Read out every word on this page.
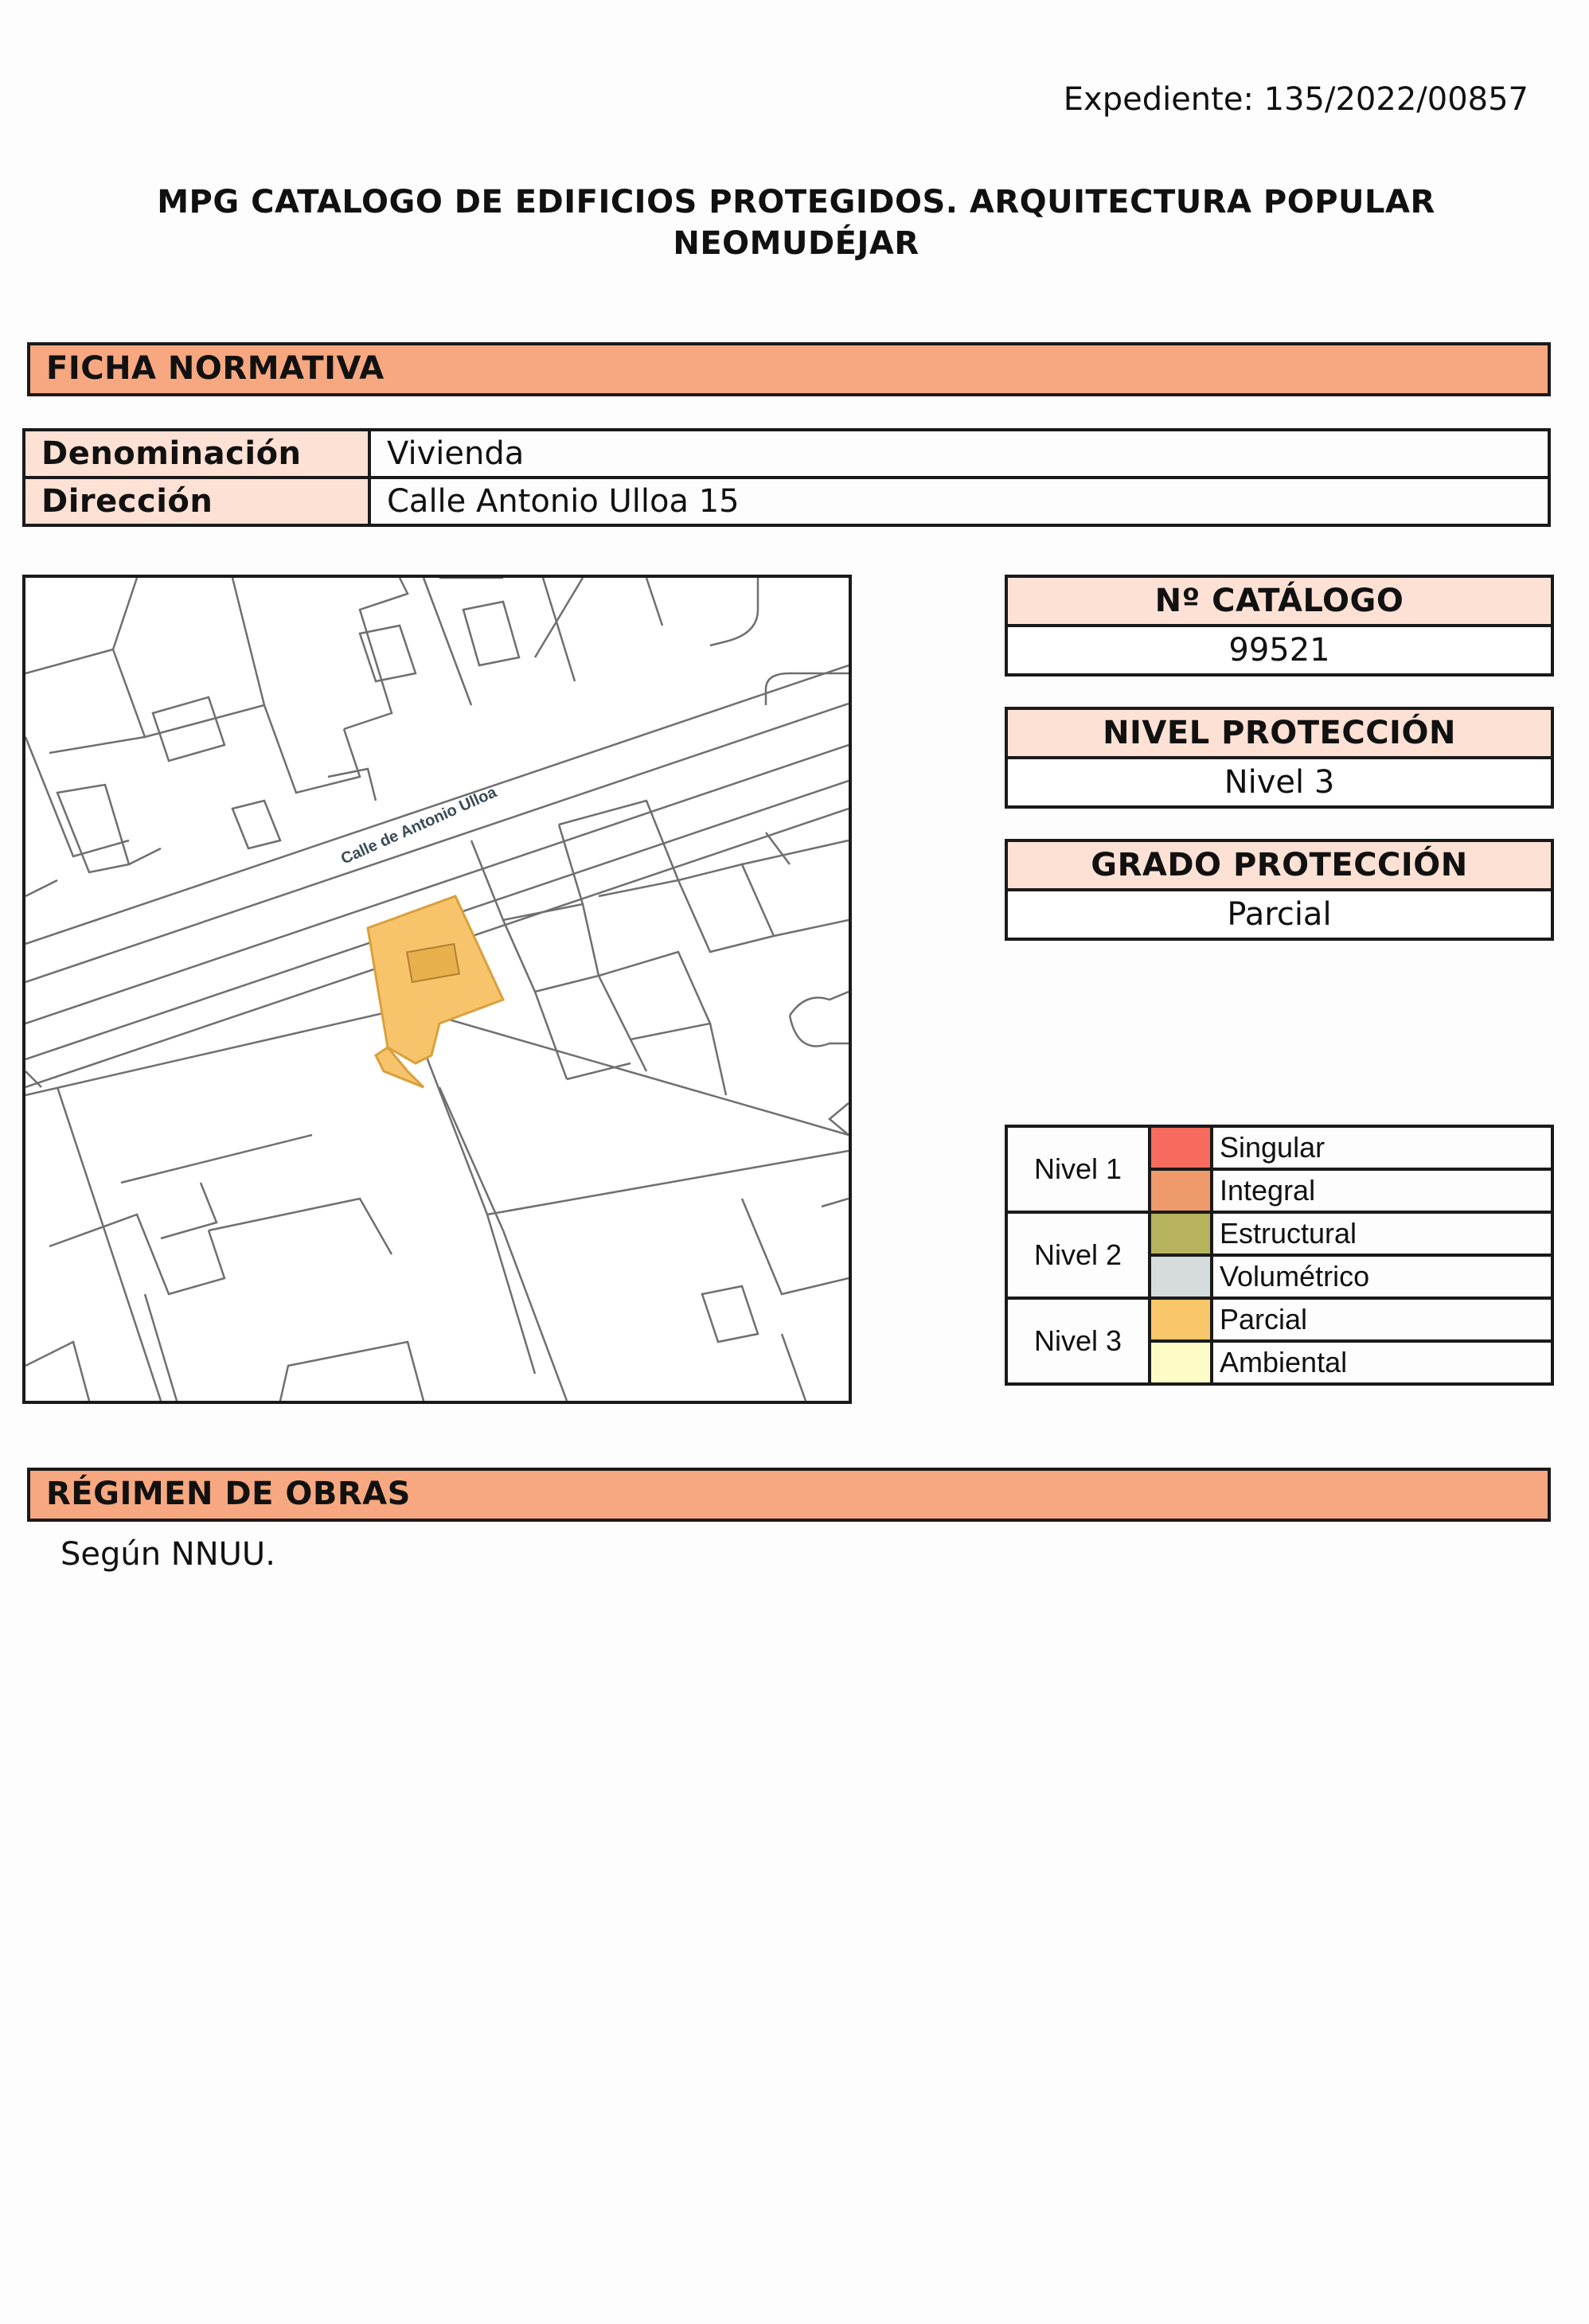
Expediente: 135/2022/00857
MPG CATALOGO DE EDIFICIOS PROTEGIDOS. ARQUITECTURA POPULAR
NEOMUDÉJAR
FICHA NORMATIVA
Denominación	Vivienda
Dirección	Calle Antonio Ulloa 15
Calle de Antonio Ulloa
Nº CATÁLOGO
99521
NIVEL PROTECCIÓN
Nivel 3
GRADO PROTECCIÓN
Parcial
Nivel 1		Singular
		Integral
Nivel 2		Estructural
		Volumétrico
Nivel 3		Parcial
		Ambiental
RÉGIMEN DE OBRAS
Según NNUU.
